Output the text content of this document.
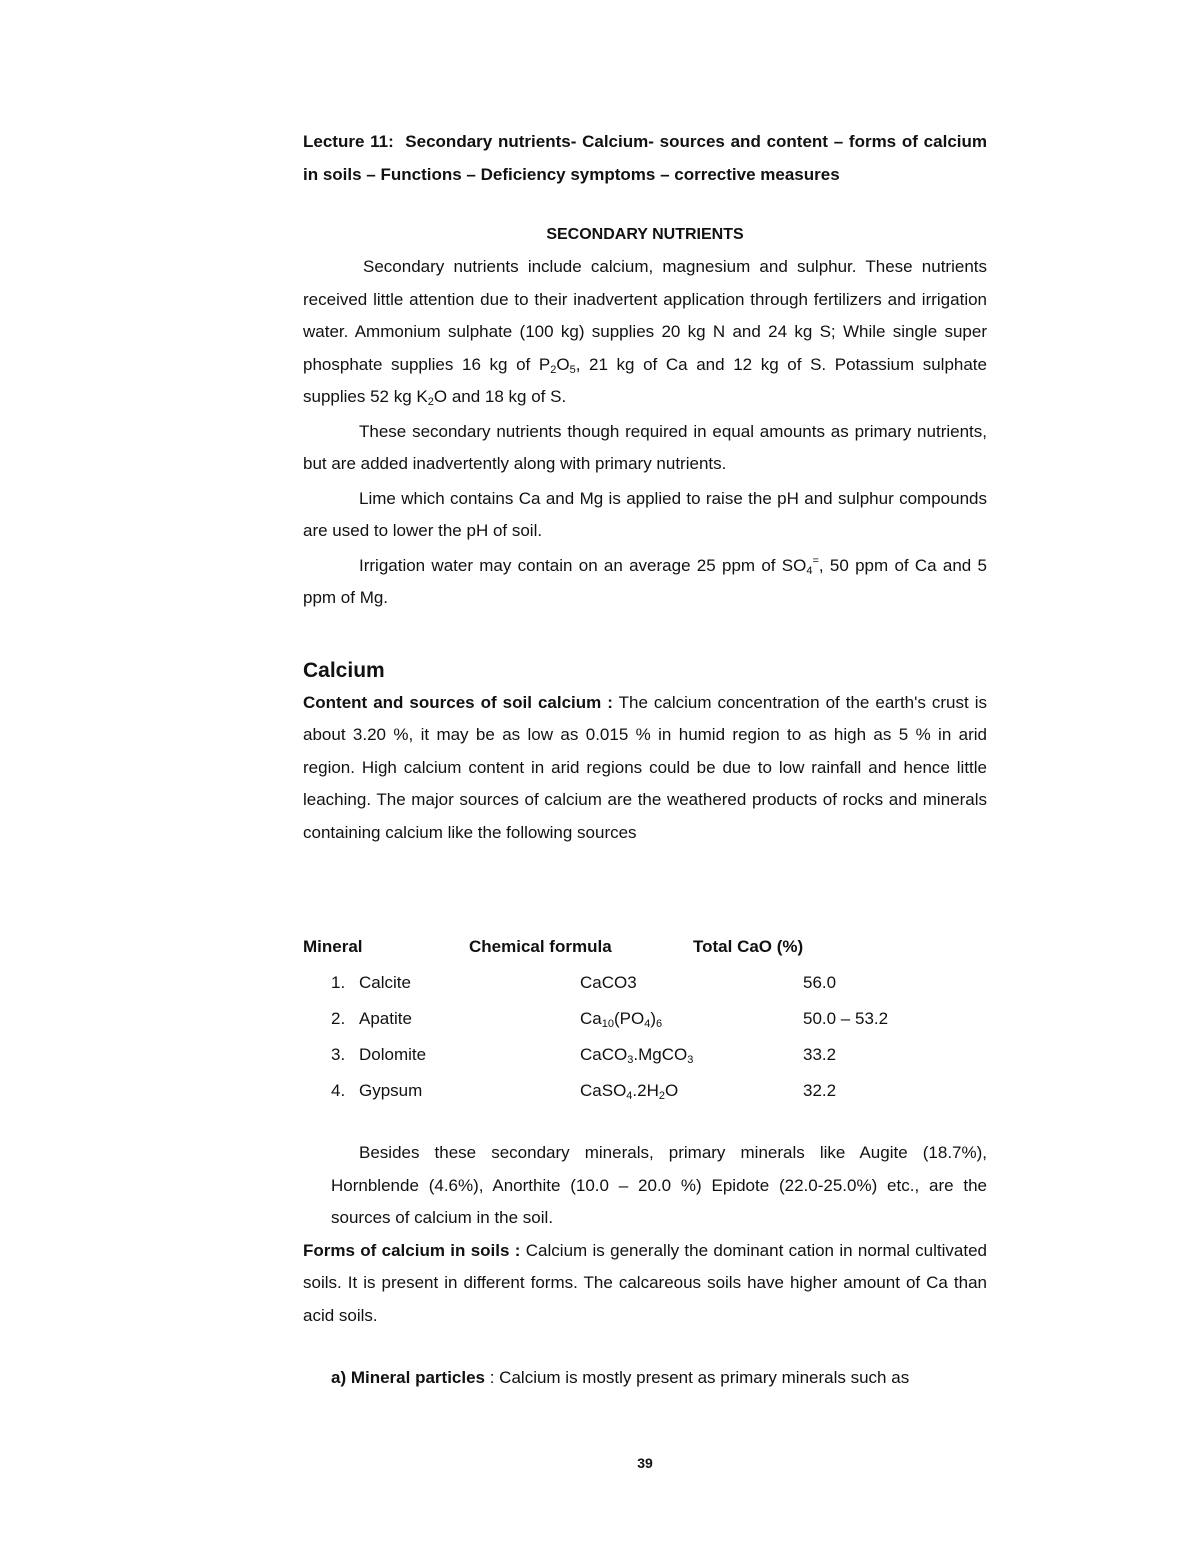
Lecture 11: Secondary nutrients- Calcium- sources and content – forms of calcium in soils – Functions – Deficiency symptoms – corrective measures

SECONDARY NUTRIENTS

Secondary nutrients include calcium, magnesium and sulphur. These nutrients received little attention due to their inadvertent application through fertilizers and irrigation water. Ammonium sulphate (100 kg) supplies 20 kg N and 24 kg S; While single super phosphate supplies 16 kg of $P_2O_5$, 21 kg of Ca and 12 kg of S. Potassium sulphate supplies 52 kg $K_2O$ and 18 kg of S.

These secondary nutrients though required in equal amounts as primary nutrients, but are added inadvertently along with primary nutrients.

Lime which contains Ca and Mg is applied to raise the pH and sulphur compounds are used to lower the pH of soil.

Irrigation water may contain on an average 25 ppm of $SO_4^=$, 50 ppm of Ca and 5 ppm of Mg.

Calcium

Content and sources of soil calcium : The calcium concentration of the earth's crust is about 3.20 %, it may be as low as 0.015 % in humid region to as high as 5 % in arid region. High calcium content in arid regions could be due to low rainfall and hence little leaching. The major sources of calcium are the weathered products of rocks and minerals containing calcium like the following sources

Mineral	Chemical formula	Total CaO (%)
1. Calcite	CaCO3	56.0
2. Apatite	$Ca_{10}(PO_4)_6$	50.0 – 53.2
3. Dolomite	CaCO$_3$.MgCO$_3$	33.2
4. Gypsum	$CaSO_4.2H_2O$	32.2

Besides these secondary minerals, primary minerals like Augite (18.7%), Hornblende (4.6%), Anorthite (10.0 – 20.0 %) Epidote (22.0-25.0%) etc., are the sources of calcium in the soil.

Forms of calcium in soils : Calcium is generally the dominant cation in normal cultivated soils. It is present in different forms. The calcareous soils have higher amount of Ca than acid soils.

a) Mineral particles : Calcium is mostly present as primary minerals such as

39
